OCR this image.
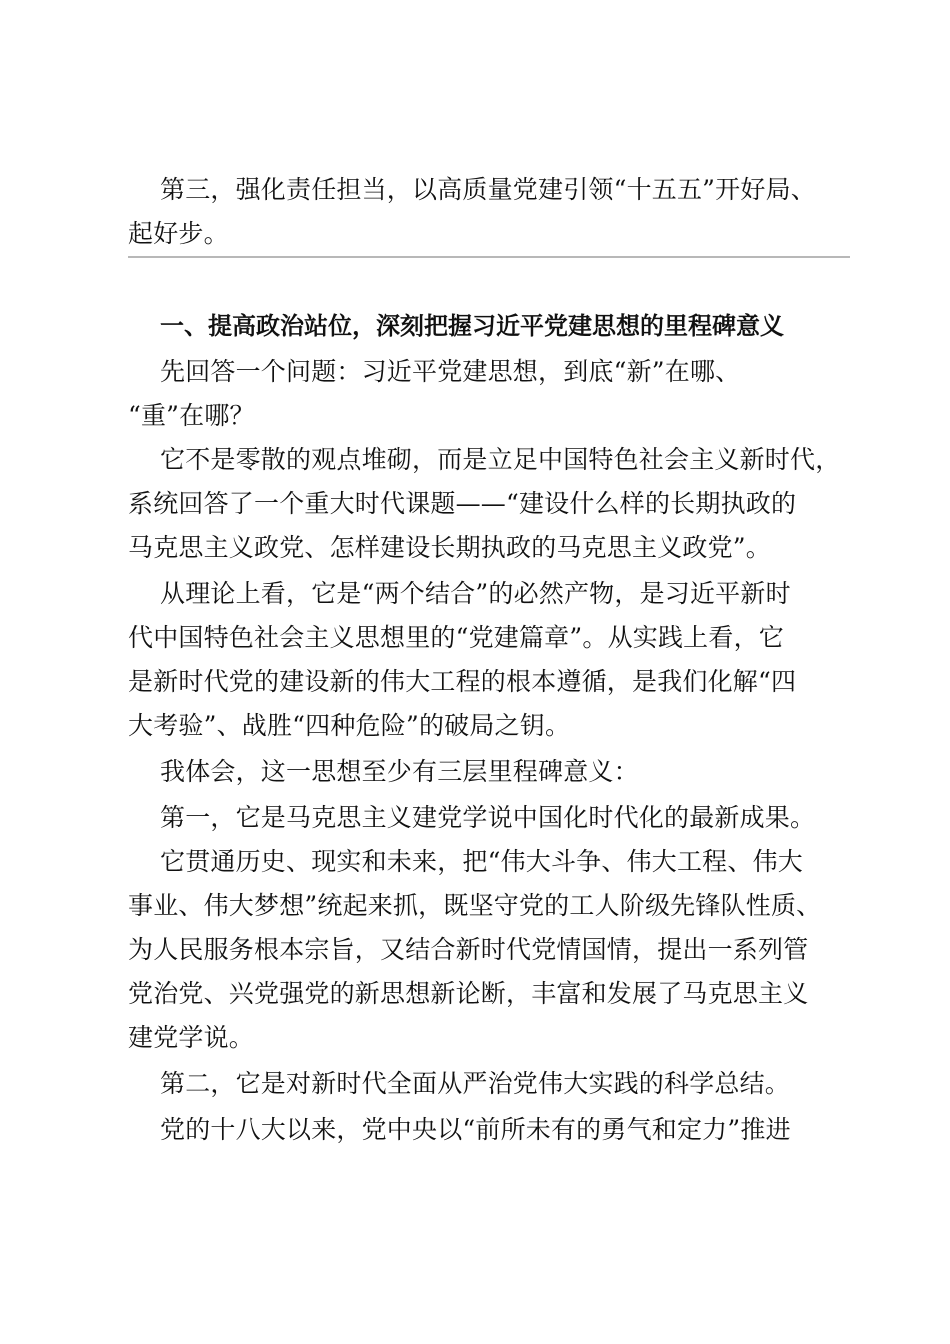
第三，强化责任担当，以高质量党建引领“十五五”开好局、
起好步。
一、提高政治站位，深刻把握习近平党建思想的里程碑意义
先回答一个问题：习近平党建思想，到底“新”在哪、
“重”在哪？
它不是零散的观点堆砌，而是立足中国特色社会主义新时代，
系统回答了一个重大时代课题——“建设什么样的长期执政的
马克思主义政党、怎样建设长期执政的马克思主义政党”。
从理论上看，它是“两个结合”的必然产物，是习近平新时
代中国特色社会主义思想里的“党建篇章”。从实践上看，它
是新时代党的建设新的伟大工程的根本遵循，是我们化解“四
大考验”、战胜“四种危险”的破局之钥。
我体会，这一思想至少有三层里程碑意义：
第一，它是马克思主义建党学说中国化时代化的最新成果。
它贯通历史、现实和未来，把“伟大斗争、伟大工程、伟大
事业、伟大梦想”统起来抓，既坚守党的工人阶级先锋队性质、
为人民服务根本宗旨，又结合新时代党情国情，提出一系列管
党治党、兴党强党的新思想新论断，丰富和发展了马克思主义
建党学说。
第二，它是对新时代全面从严治党伟大实践的科学总结。
党的十八大以来，党中央以“前所未有的勇气和定力”推进
